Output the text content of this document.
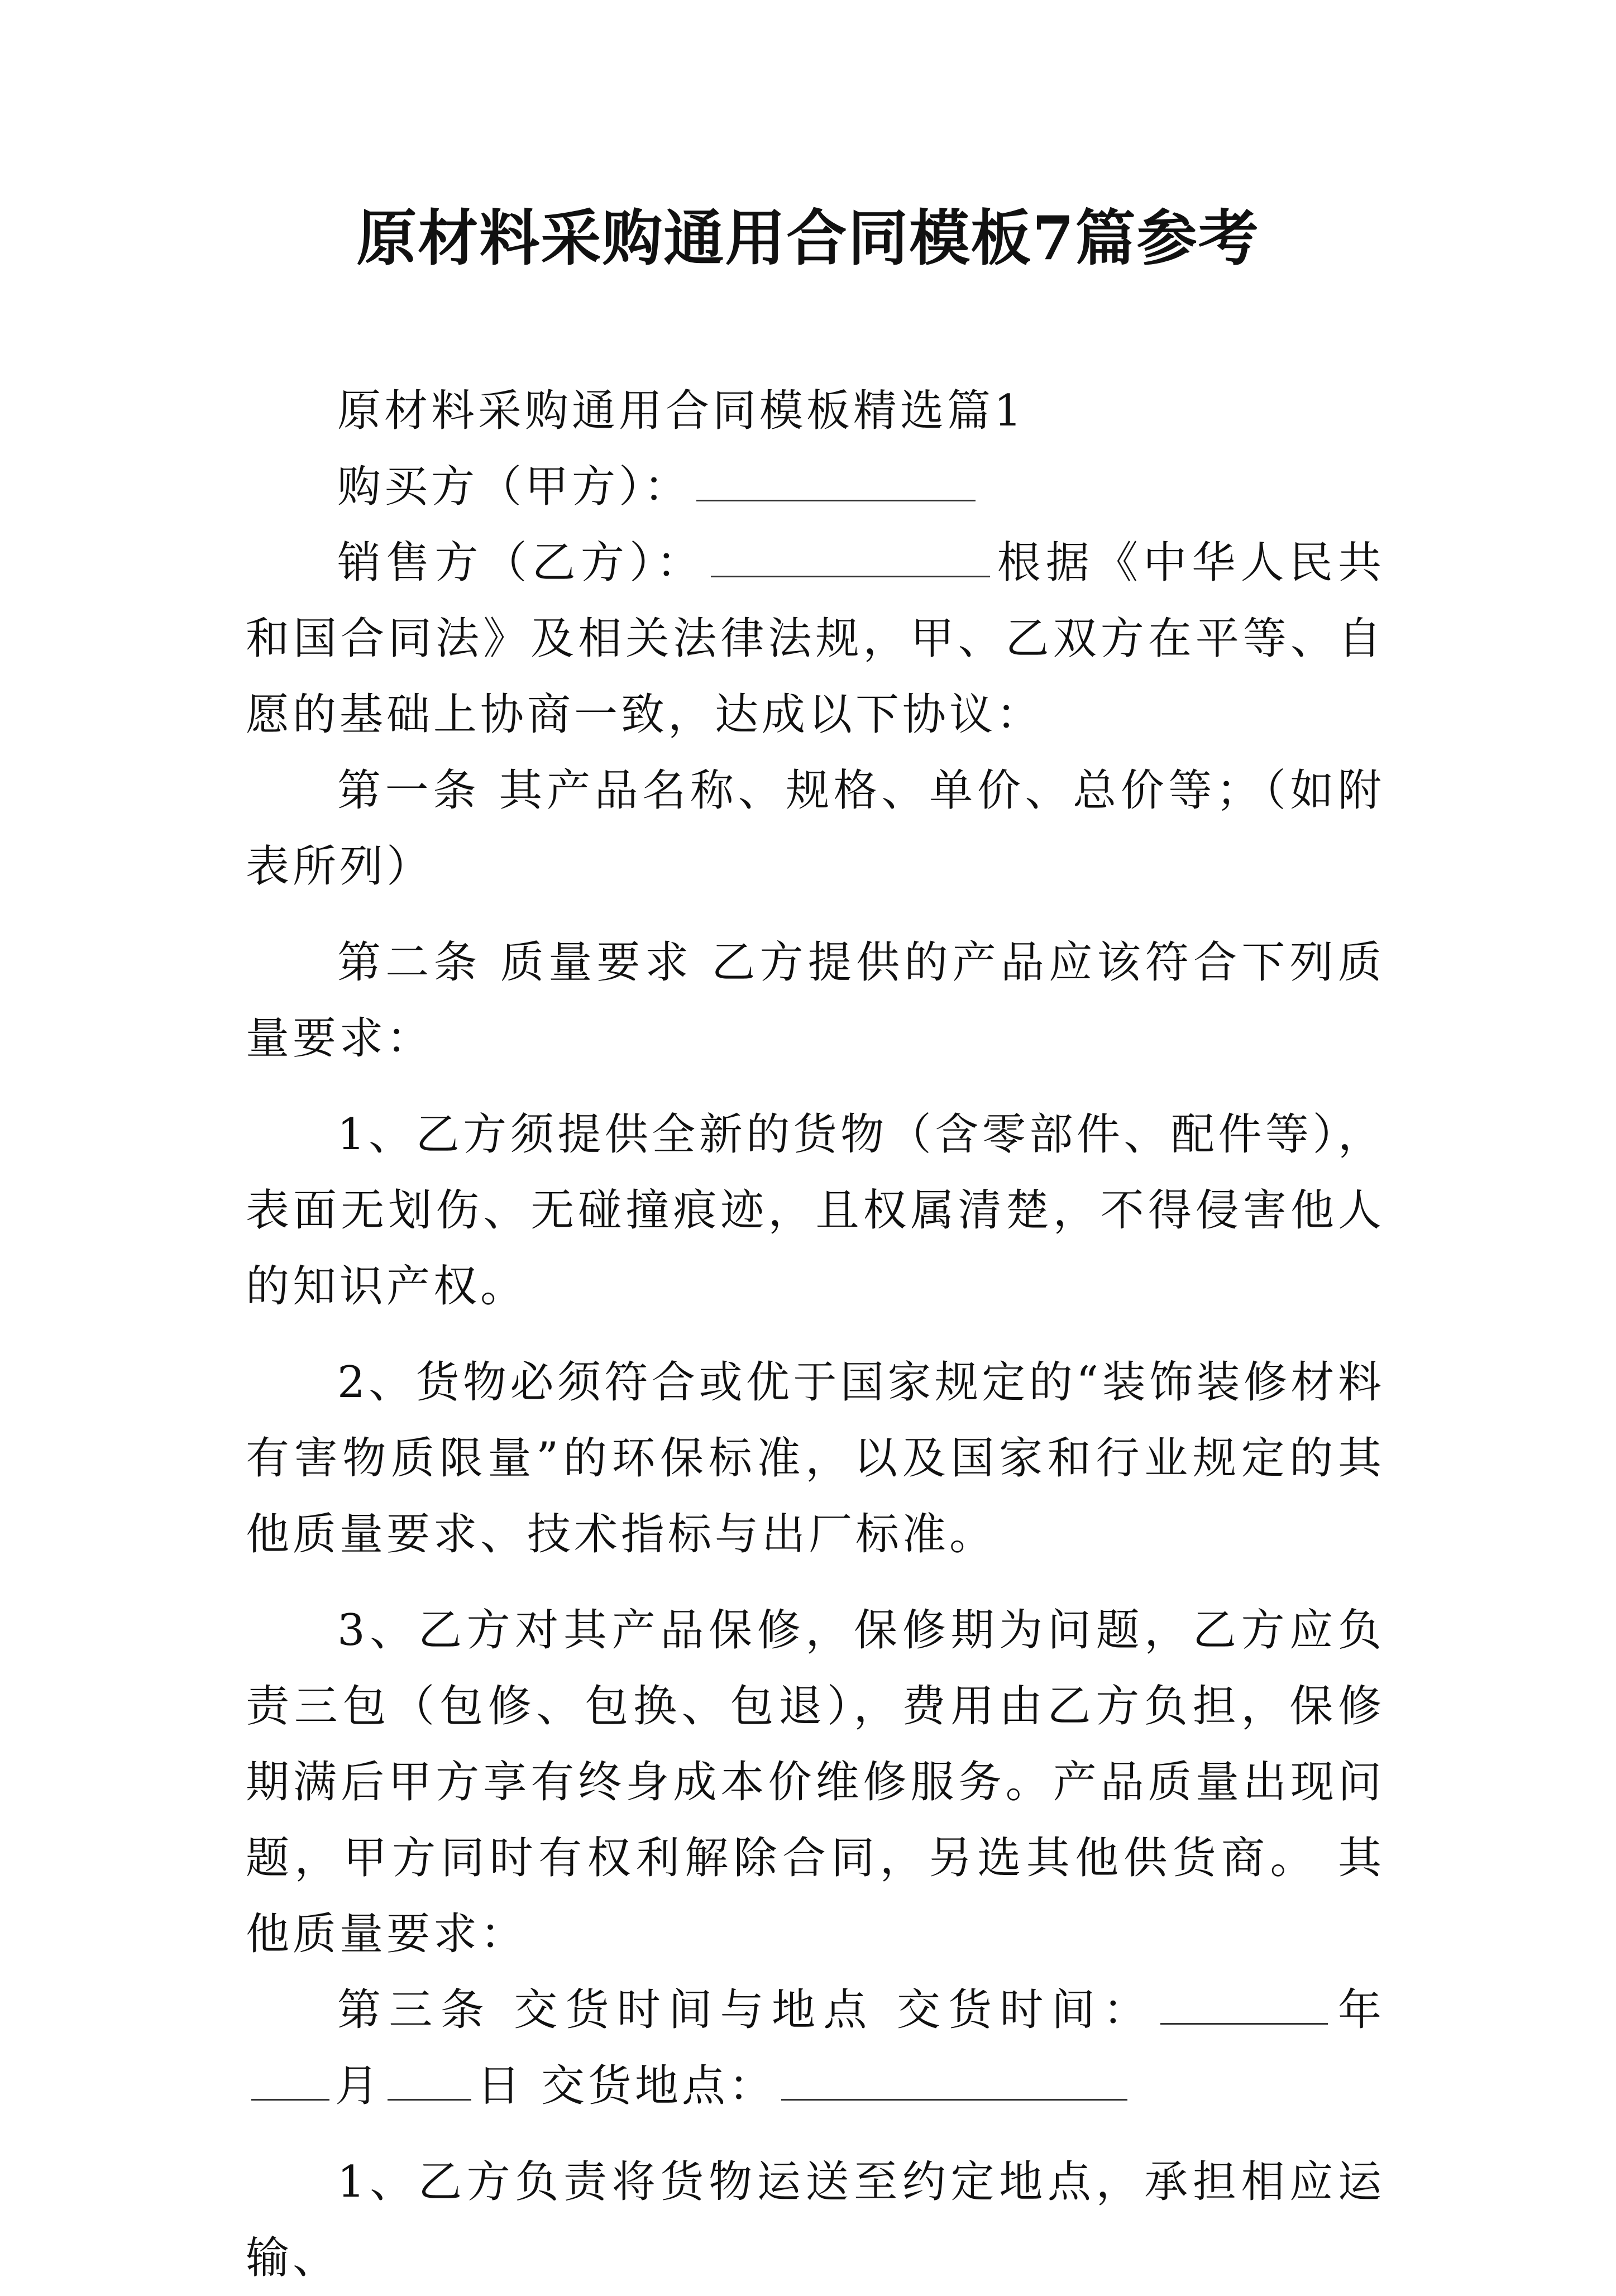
原材料采购通用合同模板7篇参考

原材料采购通用合同模板精选篇1

购买方（甲方）：

销售方（乙方）：	根据《中华人民共和国合同法》及相关法律法规，甲、乙双方在平等、自愿的基础上协商一致，达成以下协议：

第一条 其产品名称、规格、单价、总价等；（如附表所列）

第二条 质量要求 乙方提供的产品应该符合下列质量要求：

1、乙方须提供全新的货物（含零部件、配件等），表面无划伤、无碰撞痕迹，且权属清楚，不得侵害他人的知识产权。

2、货物必须符合或优于国家规定的“装饰装修材料有害物质限量”的环保标准，以及国家和行业规定的其他质量要求、技术指标与出厂标准。

3、乙方对其产品保修，保修期为问题，乙方应负责三包（包修、包换、包退），费用由乙方负担，保修期满后甲方享有终身成本价维修服务。产品质量出现问题，甲方同时有权利解除合同，另选其他供货商。 其他质量要求：

第三条 交货时间与地点 交货时间：	年月 日 交货地点：

1、乙方负责将货物运送至约定地点，承担相应运输、
